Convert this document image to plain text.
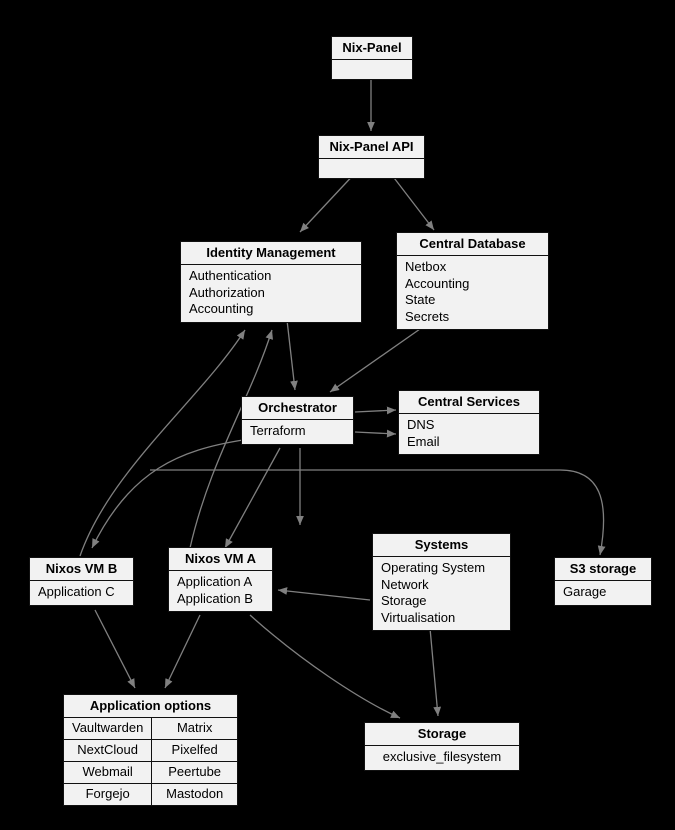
Nix-Panel
Nix-Panel API
Identity Management
Authentication
Authorization
Accounting
Central Database
Netbox
Accounting
State
Secrets
Orchestrator
Terraform
Central Services
DNS
Email
Nixos VM B
Application C
Nixos VM A
Application A
Application B
Systems
Operating System
Network
Storage
Virtualisation
S3 storage
Garage
Application options
Vaultwarden	Matrix
NextCloud	Pixelfed
Webmail	Peertube
Forgejo	Mastodon
Storage
exclusive_filesystem
